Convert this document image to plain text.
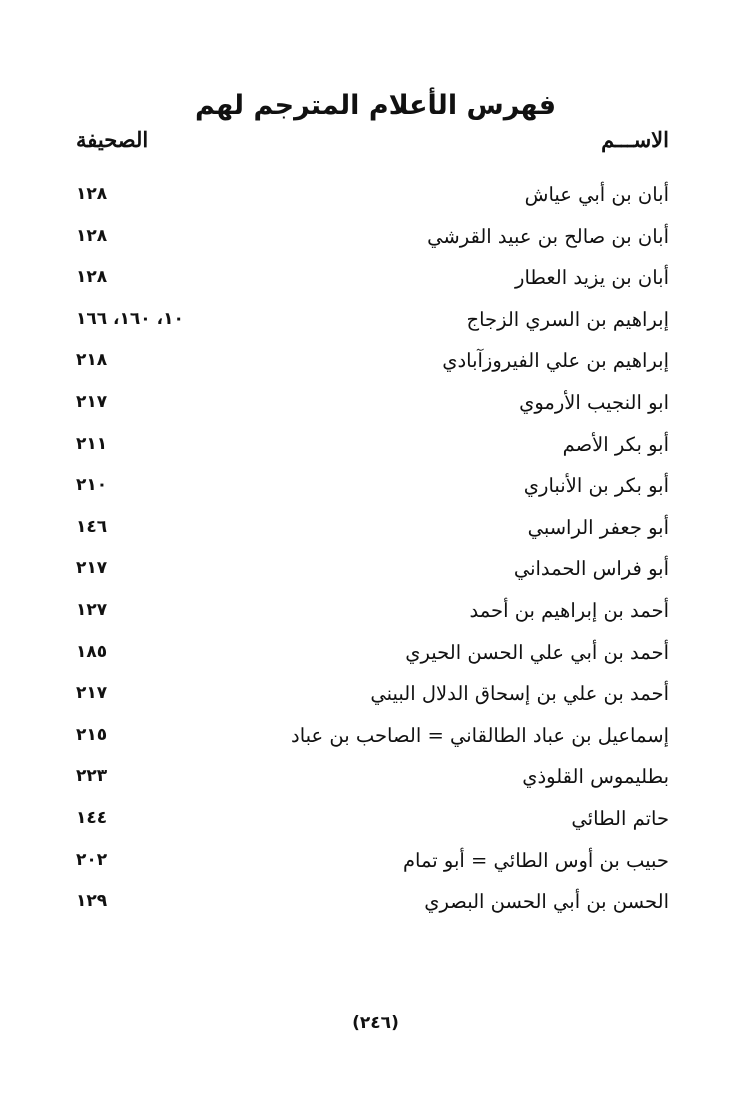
فهرس الأعلام المترجم لهم
الاســـم
الصحيفة
أبان بن أبي عياش
١٢٨
أبان بن صالح بن عبيد القرشي
١٢٨
أبان بن يزيد العطار
١٢٨
إبراهيم بن السري الزجاج
١٠، ١٦٠، ١٦٦
إبراهيم بن علي الفيروزآبادي
٢١٨
ابو النجيب الأرموي
٢١٧
أبو بكر الأصم
٢١١
أبو بكر بن الأنباري
٢١٠
أبو جعفر الراسبي
١٤٦
أبو فراس الحمداني
٢١٧
أحمد بن إبراهيم بن أحمد
١٢٧
أحمد بن أبي علي الحسن الحيري
١٨٥
أحمد بن علي بن إسحاق الدلال البيني
٢١٧
إسماعيل بن عباد الطالقاني = الصاحب بن عباد
٢١٥
بطليموس القلوذي
٢٢٣
حاتم الطائي
١٤٤
حبيب بن أوس الطائي = أبو تمام
٢٠٢
الحسن بن أبي الحسن البصري
١٢٩
(٢٤٦)
